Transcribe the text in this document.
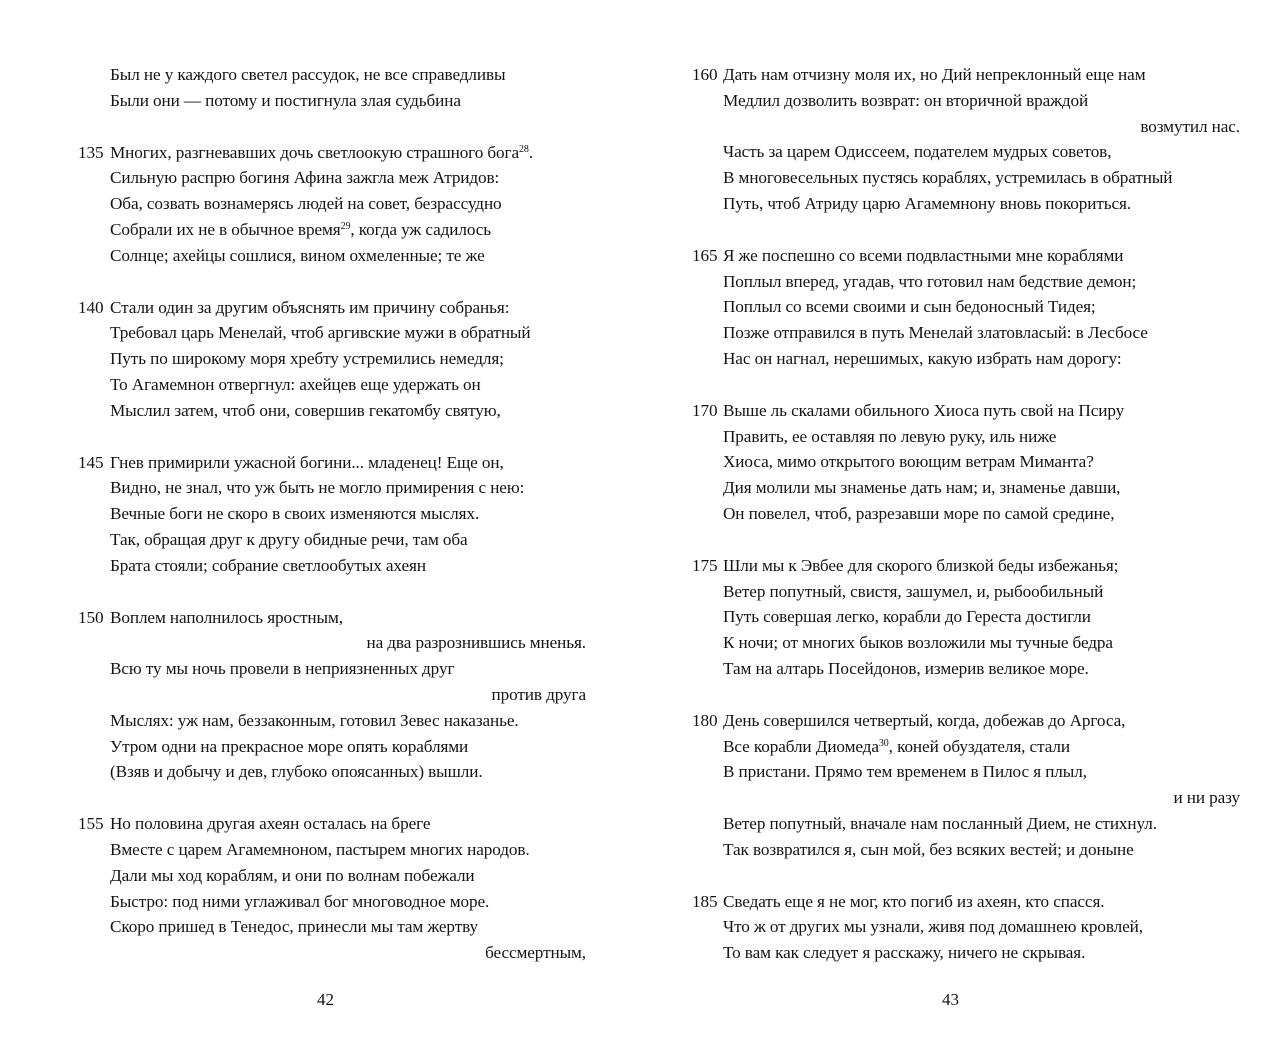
Был не у каждого светел рассудок, не все справедливы
Были они — потому и постигнула злая судьбина
135 Многих, разгневавших дочь светлоокую страшного бога$^{28}$.
Сильную распрю богиня Афина зажгла меж Атридов:
Оба, созвать вознамерясь людей на совет, безрассудно
Собрали их не в обычное время$^{29}$, когда уж садилось
Солнце; ахейцы сошлися, вином охмеленные; те же
140 Стали один за другим объяснять им причину собранья:
Требовал царь Менелай, чтоб аргивские мужи в обратный
Путь по широкому моря хребту устремились немедля;
То Агамемнон отвергнул: ахейцев еще удержать он
Мыслил затем, чтоб они, совершив гекатомбу святую,
145 Гнев примирили ужасной богини... младенец! Еще он,
Видно, не знал, что уж быть не могло примирения с нею:
Вечные боги не скоро в своих изменяются мыслях.
Так, обращая друг к другу обидные речи, там оба
Брата стояли; собрание светлообутых ахеян
150 Воплем наполнилось яростным,
на два разрознившись мненья.
Всю ту мы ночь провели в неприязненных друг
против друга
Мыслях: уж нам, беззаконным, готовил Зевес наказанье.
Утром одни на прекрасное море опять кораблями
(Взяв и добычу и дев, глубоко опоясанных) вышли.
155 Но половина другая ахеян осталась на бреге
Вместе с царем Агамемноном, пастырем многих народов.
Дали мы ход кораблям, и они по волнам побежали
Быстро: под ними углаживал бог многоводное море.
Скоро пришед в Тенедос, принесли мы там жертву
бессмертным,
42
160 Дать нам отчизну моля их, но Дий непреклонный еще нам
Медлил дозволить возврат: он вторичной враждой
возмутил нас.
Часть за царем Одиссеем, подателем мудрых советов,
В многовесельных пустясь кораблях, устремилась в обратный
Путь, чтоб Атриду царю Агамемнону вновь покориться.
165 Я же поспешно со всеми подвластными мне кораблями
Поплыл вперед, угадав, что готовил нам бедствие демон;
Поплыл со всеми своими и сын бедоносный Тидея;
Позже отправился в путь Менелай златовласый: в Лесбосе
Нас он нагнал, нерешимых, какую избрать нам дорогу:
170 Выше ль скалами обильного Хиоса путь свой на Псиру
Править, ее оставляя по левую руку, иль ниже
Хиоса, мимо открытого воющим ветрам Миманта?
Дия молили мы знаменье дать нам; и, знаменье давши,
Он повелел, чтоб, разрезавши море по самой средине,
175 Шли мы к Эвбее для скорого близкой беды избежанья;
Ветер попутный, свистя, зашумел, и, рыбообильный
Путь совершая легко, корабли до Гереста достигли
К ночи; от многих быков возложили мы тучные бедра
Там на алтарь Посейдонов, измерив великое море.
180 День совершился четвертый, когда, добежав до Аргоса,
Все корабли Диомеда$^{30}$, коней обуздателя, стали
В пристани. Прямо тем временем в Пилос я плыл,
и ни разу
Ветер попутный, вначале нам посланный Дием, не стихнул.
Так возвратился я, сын мой, без всяких вестей; и доныне
185 Сведать еще я не мог, кто погиб из ахеян, кто спасся.
Что ж от других мы узнали, живя под домашнею кровлей,
То вам как следует я расскажу, ничего не скрывая.
43
